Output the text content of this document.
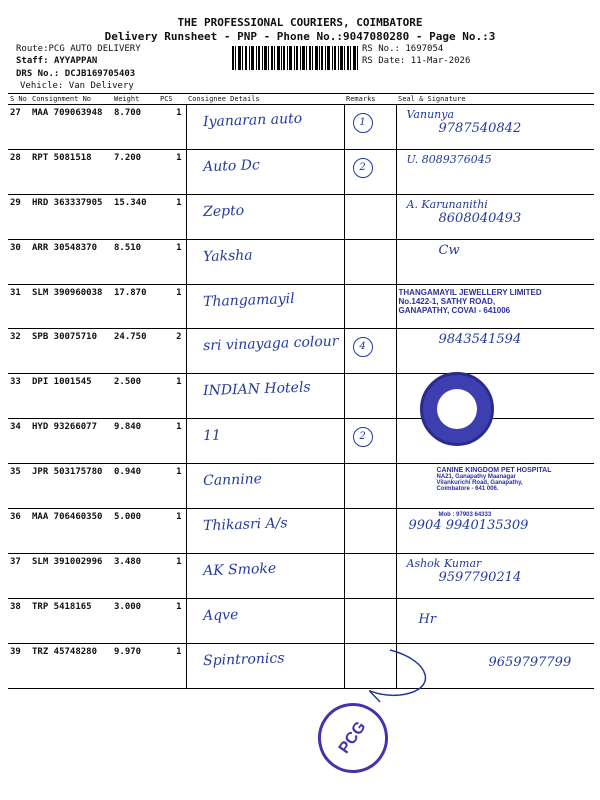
THE PROFESSIONAL COURIERS, COIMBATORE
Delivery Runsheet - PNP - Phone No.:9047080280 - Page No.:3
Route:PCG AUTO DELIVERY
Staff: AYYAPPAN
DRS No.: DCJB169705403
Vehicle: Van Delivery
RS No.: 1697054
RS Date: 11-Mar-2026
S No	Consignment No	Weight	PCS	Consignee Details	Remarks	Seal & Signature
27	MAA 709063948	8.700	1	Iyanaran auto	1	Vanunya
9787540842

28	RPT 5081518	7.200	1	Auto Dc	2	U. 8089376045

29	HRD 363337905	15.340	1	Zepto		A. Karunanithi
8608040493

30	ARR 30548370	8.510	1	Yaksha		Cw

31	SLM 390960038	17.870	1	Thangamayil		THANGAMAYIL JEWELLERY LIMITED
No.1422-1, SATHY ROAD,
GANAPATHY, COVAI - 641006

32	SPB 30075710	24.750	2	sri vinayaga colour	4	9843541594

33	DPI 1001545	2.500	1	INDIAN Hotels		

34	HYD 93266077	9.840	1	11	2	
35	JPR 503175780	0.940	1	Cannine		CANINE KINGDOM PET HOSPITAL
NA21, Ganapathy Maanagar
Vilankurichi Road, Ganapathy,
Coimbatore - 641 006.

36	MAA 706460350	5.000	1	Thikasri A/s		Mob : 97903 64333
9904 9940135309

37	SLM 391002996	3.480	1	AK Smoke		Ashok Kumar
9597790214

38	TRP 5418165	3.000	1	Aqve		Hr

39	TRZ 45748280	9.970	1	Spintronics		9659797799
PCG
